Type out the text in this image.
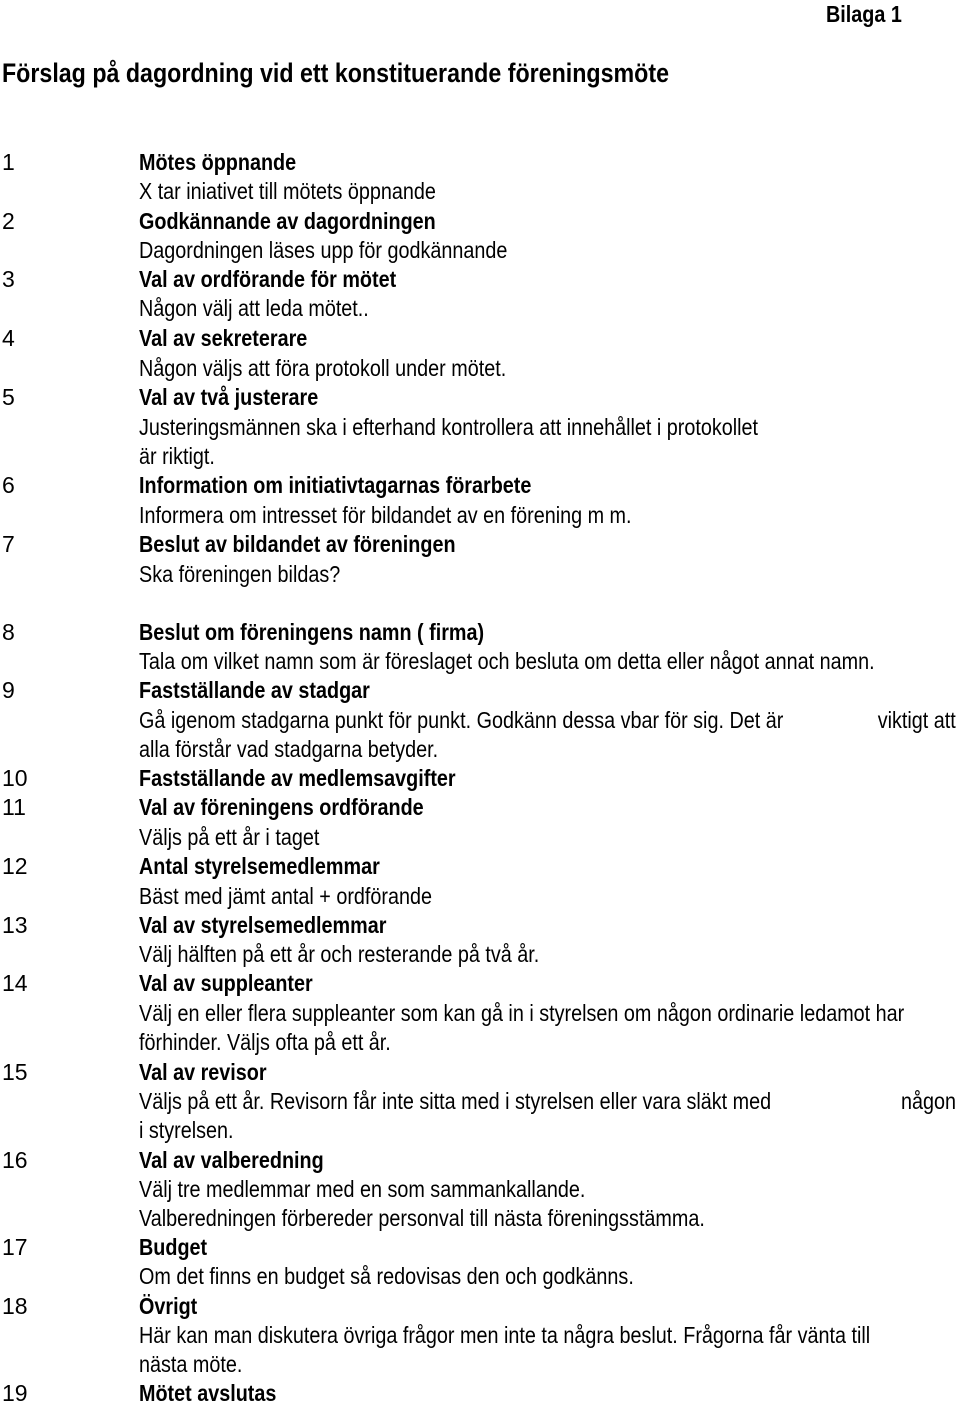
Bilaga 1
Förslag på dagordning vid ett konstituerande föreningsmöte
1	Mötes öppnande
X tar iniativet till mötets öppnande
2	Godkännande av dagordningen
Dagordningen läses upp för godkännande
3	Val av ordförande för mötet
Någon välj att leda mötet..
4	Val av sekreterare
Någon väljs att föra protokoll under mötet.
5	Val av två justerare
Justeringsmännen ska i efterhand kontrollera att innehållet i protokollet
är riktigt.
6	Information om initiativtagarnas förarbete
Informera om intresset för bildandet av en förening m m.
7	Beslut av bildandet av föreningen
Ska föreningen bildas?
8	Beslut om föreningens namn ( firma)
Tala om vilket namn som är föreslaget och besluta om detta eller något annat namn.
9	Fastställande av stadgar
Gå igenom stadgarna punkt för punkt. Godkänn dessa vbar för sig. Det är	viktigt att
alla förstår vad stadgarna betyder.
10	Fastställande av medlemsavgifter
11	Val av föreningens ordförande
Väljs på ett år i taget
12	Antal styrelsemedlemmar
Bäst med jämt antal + ordförande
13	Val av styrelsemedlemmar
Välj hälften på ett år och resterande på två år.
14	Val av suppleanter
Välj en eller flera suppleanter som kan gå in i styrelsen om någon ordinarie ledamot har
förhinder. Väljs ofta på ett år.
15	Val av revisor
Väljs på ett år. Revisorn får inte sitta med i styrelsen eller vara släkt med	någon
i styrelsen.
16	Val av valberedning
Välj tre medlemmar med en som sammankallande.
Valberedningen förbereder personval till nästa föreningsstämma.
17	Budget
Om det finns en budget så redovisas den och godkänns.
18	Övrigt
Här kan man diskutera övriga frågor men inte ta några beslut. Frågorna får vänta till
nästa möte.
19	Mötet avslutas
